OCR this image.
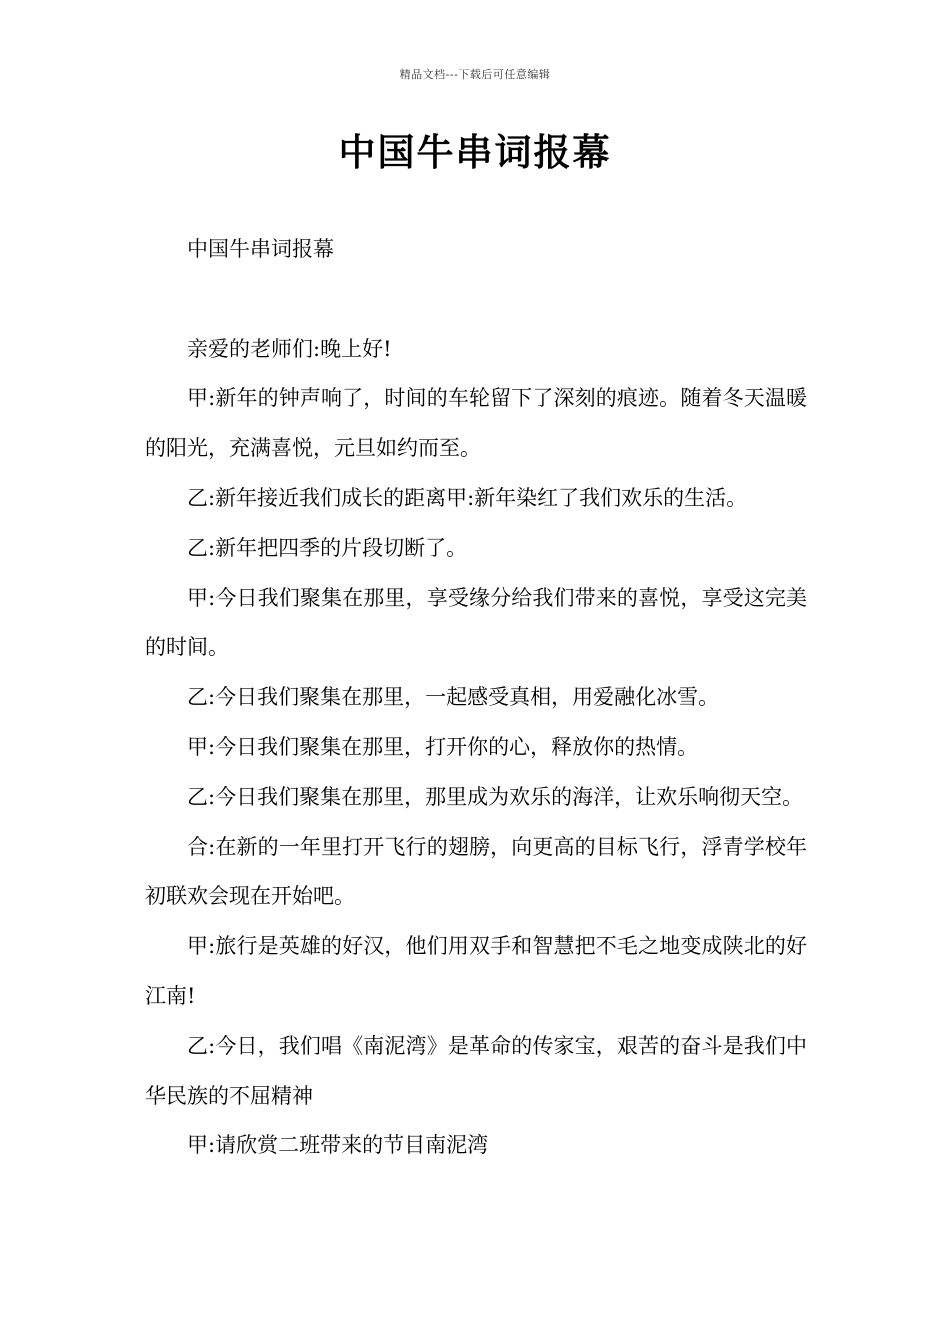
精品文档---下载后可任意编辑
中国牛串词报幕

中国牛串词报幕

亲爱的老师们:晚上好!

甲:新年的钟声响了，时间的车轮留下了深刻的痕迹。随着冬天温暖的阳光，充满喜悦，元旦如约而至。

乙:新年接近我们成长的距离甲:新年染红了我们欢乐的生活。

乙:新年把四季的片段切断了。

甲:今日我们聚集在那里，享受缘分给我们带来的喜悦，享受这完美的时间。

乙:今日我们聚集在那里，一起感受真相，用爱融化冰雪。

甲:今日我们聚集在那里，打开你的心，释放你的热情。

乙:今日我们聚集在那里，那里成为欢乐的海洋，让欢乐响彻天空。

合:在新的一年里打开飞行的翅膀，向更高的目标飞行，浮青学校年初联欢会现在开始吧。

甲:旅行是英雄的好汉，他们用双手和智慧把不毛之地变成陕北的好江南!

乙:今日，我们唱《南泥湾》是革命的传家宝，艰苦的奋斗是我们中华民族的不屈精神

甲:请欣赏二班带来的节目南泥湾
